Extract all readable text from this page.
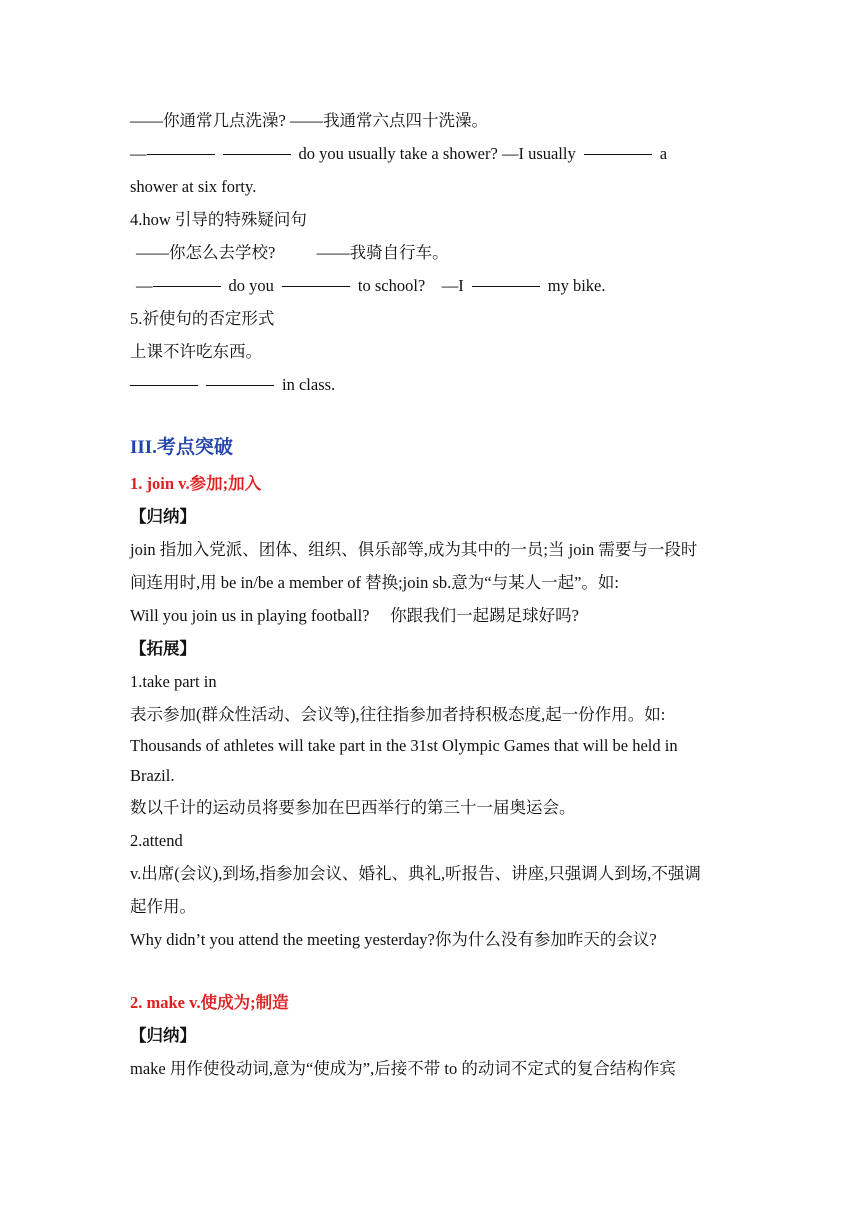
——你通常几点洗澡? ——我通常六点四十洗澡。
—	do you usually take a shower? —I usually	a
shower at six forty.
4.how 引导的特殊疑问句
——你怎么去学校?          ——我骑自行车。
—	do you	to school?    —I	my bike.
5.祈使句的否定形式
上课不许吃东西。
in class.
III.考点突破
1. join v.参加;加入
【归纳】
join 指加入党派、团体、组织、俱乐部等,成为其中的一员;当 join 需要与一段时
间连用时,用 be in/be a member of 替换;join sb.意为“与某人一起”。如:
Will you join us in playing football?     你跟我们一起踢足球好吗?
【拓展】
1.take part in
表示参加(群众性活动、会议等),往往指参加者持积极态度,起一份作用。如:
Thousands of athletes will take part in the 31st Olympic Games that will be held in
Brazil.
数以千计的运动员将要参加在巴西举行的第三十一届奥运会。
2.attend
v.出席(会议),到场,指参加会议、婚礼、典礼,听报告、讲座,只强调人到场,不强调
起作用。
Why didn’t you attend the meeting yesterday?你为什么没有参加昨天的会议?
2. make v.使成为;制造
【归纳】
make 用作使役动词,意为“使成为”,后接不带 to 的动词不定式的复合结构作宾
